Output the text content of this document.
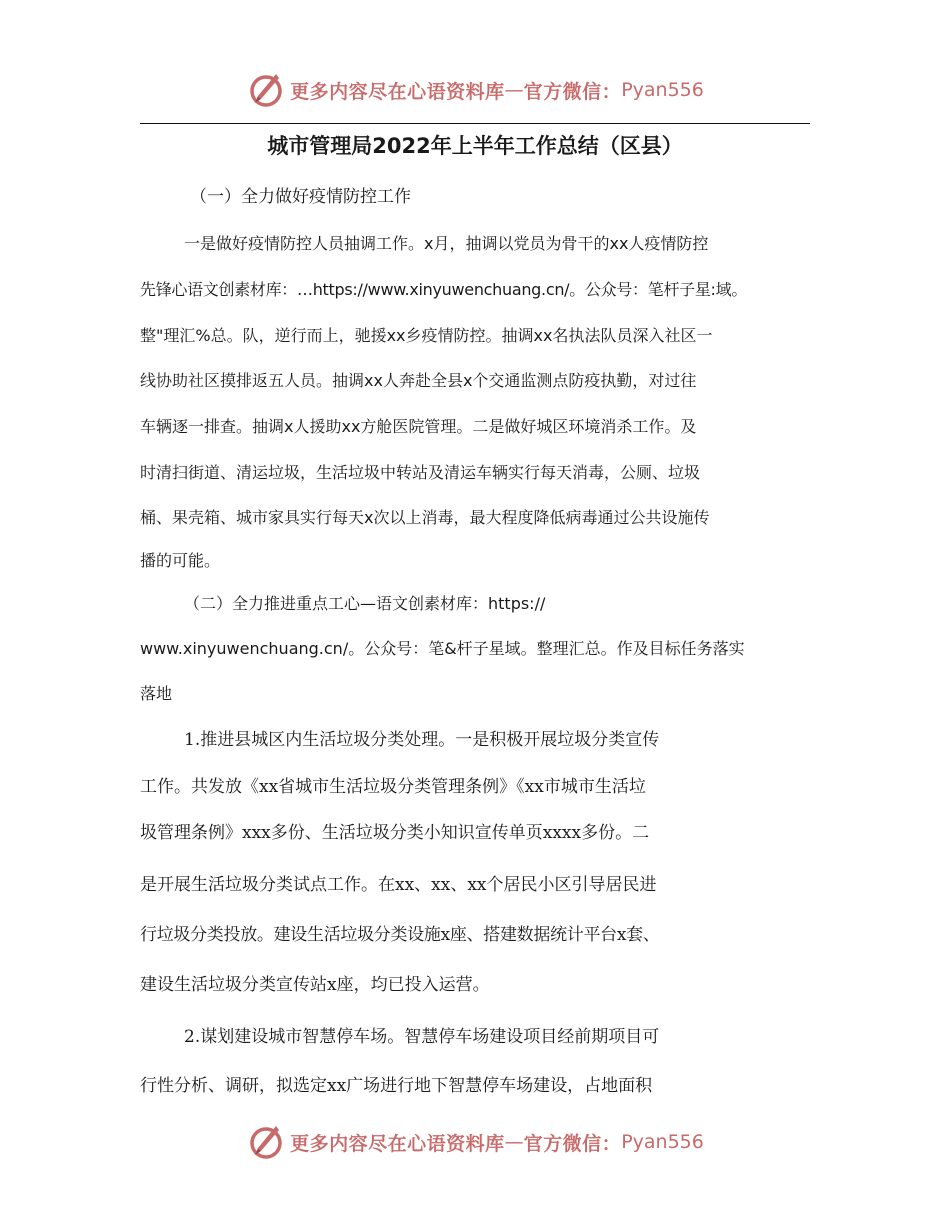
更多内容尽在心语资料库 — 官方微信： Pyan556
城市管理局2022年上半年工作总结（区县）
（一）全力做好疫情防控工作
一是做好疫情防控人员抽调工作。x月，抽调以党员为骨干的xx人疫情防控
先锋心语文创素材库：…https://www.xinyuwenchuang.cn/。公众号：笔杆子星:域。
整"理汇%总。队，逆行而上，驰援xx乡疫情防控。抽调xx名执法队员深入社区一
线协助社区摸排返五人员。抽调xx人奔赴全县x个交通监测点防疫执勤，对过往
车辆逐一排查。抽调x人援助xx方舱医院管理。二是做好城区环境消杀工作。及
时清扫街道、清运垃圾，生活垃圾中转站及清运车辆实行每天消毒，公厕、垃圾
桶、果壳箱、城市家具实行每天x次以上消毒，最大程度降低病毒通过公共设施传
播的可能。
（二）全力推进重点工心—语文创素材库：https://
www.xinyuwenchuang.cn/。公众号：笔&杆子星域。整理汇总。作及目标任务落实
落地
1.推进县城区内生活垃圾分类处理。一是积极开展垃圾分类宣传
工作。共发放《xx省城市生活垃圾分类管理条例》《xx市城市生活垃
圾管理条例》xxx多份、生活垃圾分类小知识宣传单页xxxx多份。二
是开展生活垃圾分类试点工作。在xx、xx、xx个居民小区引导居民进
行垃圾分类投放。建设生活垃圾分类设施x座、搭建数据统计平台x套、
建设生活垃圾分类宣传站x座，均已投入运营。
2.谋划建设城市智慧停车场。智慧停车场建设项目经前期项目可
行性分析、调研，拟选定xx广场进行地下智慧停车场建设，占地面积
更多内容尽在心语资料库 — 官方微信： Pyan556
